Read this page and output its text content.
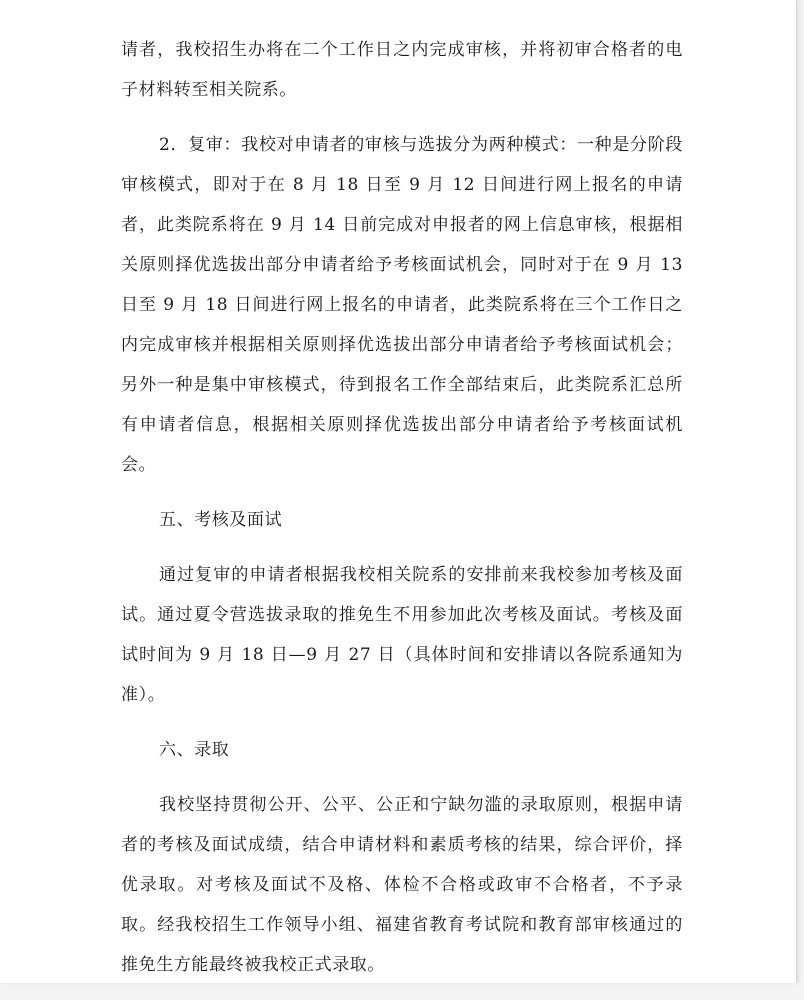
请者，我校招生办将在二个工作日之内完成审核，并将初审合格者的电子材料转至相关院系。

2．复审：我校对申请者的审核与选拔分为两种模式：一种是分阶段审核模式，即对于在 8 月 18 日至 9 月 12 日间进行网上报名的申请者，此类院系将在 9 月 14 日前完成对申报者的网上信息审核，根据相关原则择优选拔出部分申请者给予考核面试机会，同时对于在 9 月 13 日至 9 月 18 日间进行网上报名的申请者，此类院系将在三个工作日之内完成审核并根据相关原则择优选拔出部分申请者给予考核面试机会；另外一种是集中审核模式，待到报名工作全部结束后，此类院系汇总所有申请者信息，根据相关原则择优选拔出部分申请者给予考核面试机会。

五、考核及面试

通过复审的申请者根据我校相关院系的安排前来我校参加考核及面试。通过夏令营选拔录取的推免生不用参加此次考核及面试。考核及面试时间为 9 月 18 日—9 月 27 日（具体时间和安排请以各院系通知为准）。

六、录取

我校坚持贯彻公开、公平、公正和宁缺勿滥的录取原则，根据申请者的考核及面试成绩，结合申请材料和素质考核的结果，综合评价，择优录取。对考核及面试不及格、体检不合格或政审不合格者，不予录取。经我校招生工作领导小组、福建省教育考试院和教育部审核通过的推免生方能最终被我校正式录取。
